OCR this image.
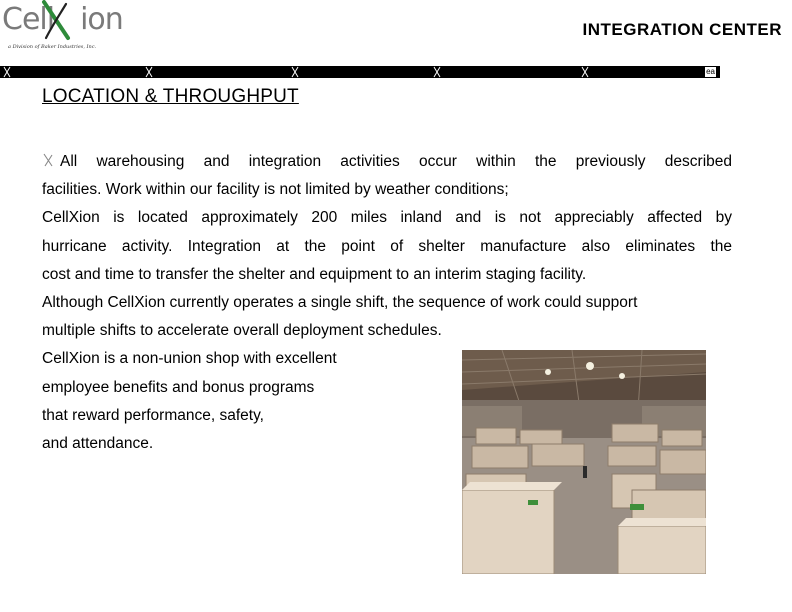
Cell ion
a Division of Baker Industries, Inc.
INTEGRATION CENTER
ea
LOCATION & THROUGHPUT
All warehousing and integration activities occur within the previously described
facilities. Work within our facility is not limited by weather conditions;
CellXion is located approximately 200 miles inland and is not appreciably affected by
hurricane activity. Integration at the point of shelter manufacture also eliminates the
cost and time to transfer the shelter and equipment to an interim staging facility.
Although CellXion currently operates a single shift, the sequence of work could support
multiple shifts to accelerate overall deployment schedules.
CellXion is a non-union shop with excellent
employee benefits and bonus programs
that reward performance, safety,
and attendance.
